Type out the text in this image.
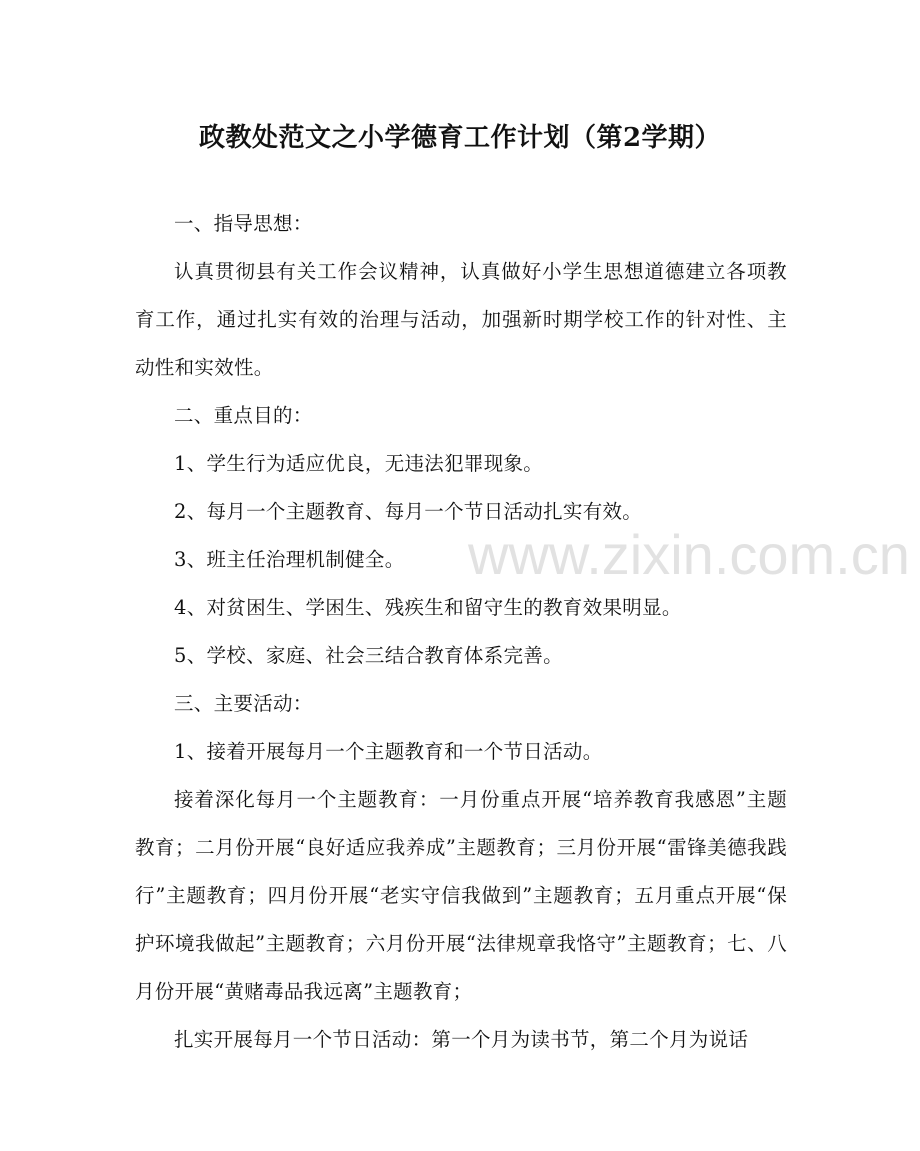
政教处范文之小学德育工作计划（第2学期）

一、指导思想：

认真贯彻县有关工作会议精神，认真做好小学生思想道德建立各项教育工作，通过扎实有效的治理与活动，加强新时期学校工作的针对性、主动性和实效性。

二、重点目的：

1、学生行为适应优良，无违法犯罪现象。

2、每月一个主题教育、每月一个节日活动扎实有效。

3、班主任治理机制健全。

4、对贫困生、学困生、残疾生和留守生的教育效果明显。

5、学校、家庭、社会三结合教育体系完善。

三、主要活动：

1、接着开展每月一个主题教育和一个节日活动。

接着深化每月一个主题教育：一月份重点开展“培养教育我感恩”主题教育；二月份开展“良好适应我养成”主题教育；三月份开展“雷锋美德我践行”主题教育；四月份开展“老实守信我做到”主题教育；五月重点开展“保护环境我做起”主题教育；六月份开展“法律规章我恪守”主题教育；七、八月份开展“黄赌毒品我远离”主题教育；

扎实开展每月一个节日活动：第一个月为读书节，第二个月为说话

www.zixin.com.cn
